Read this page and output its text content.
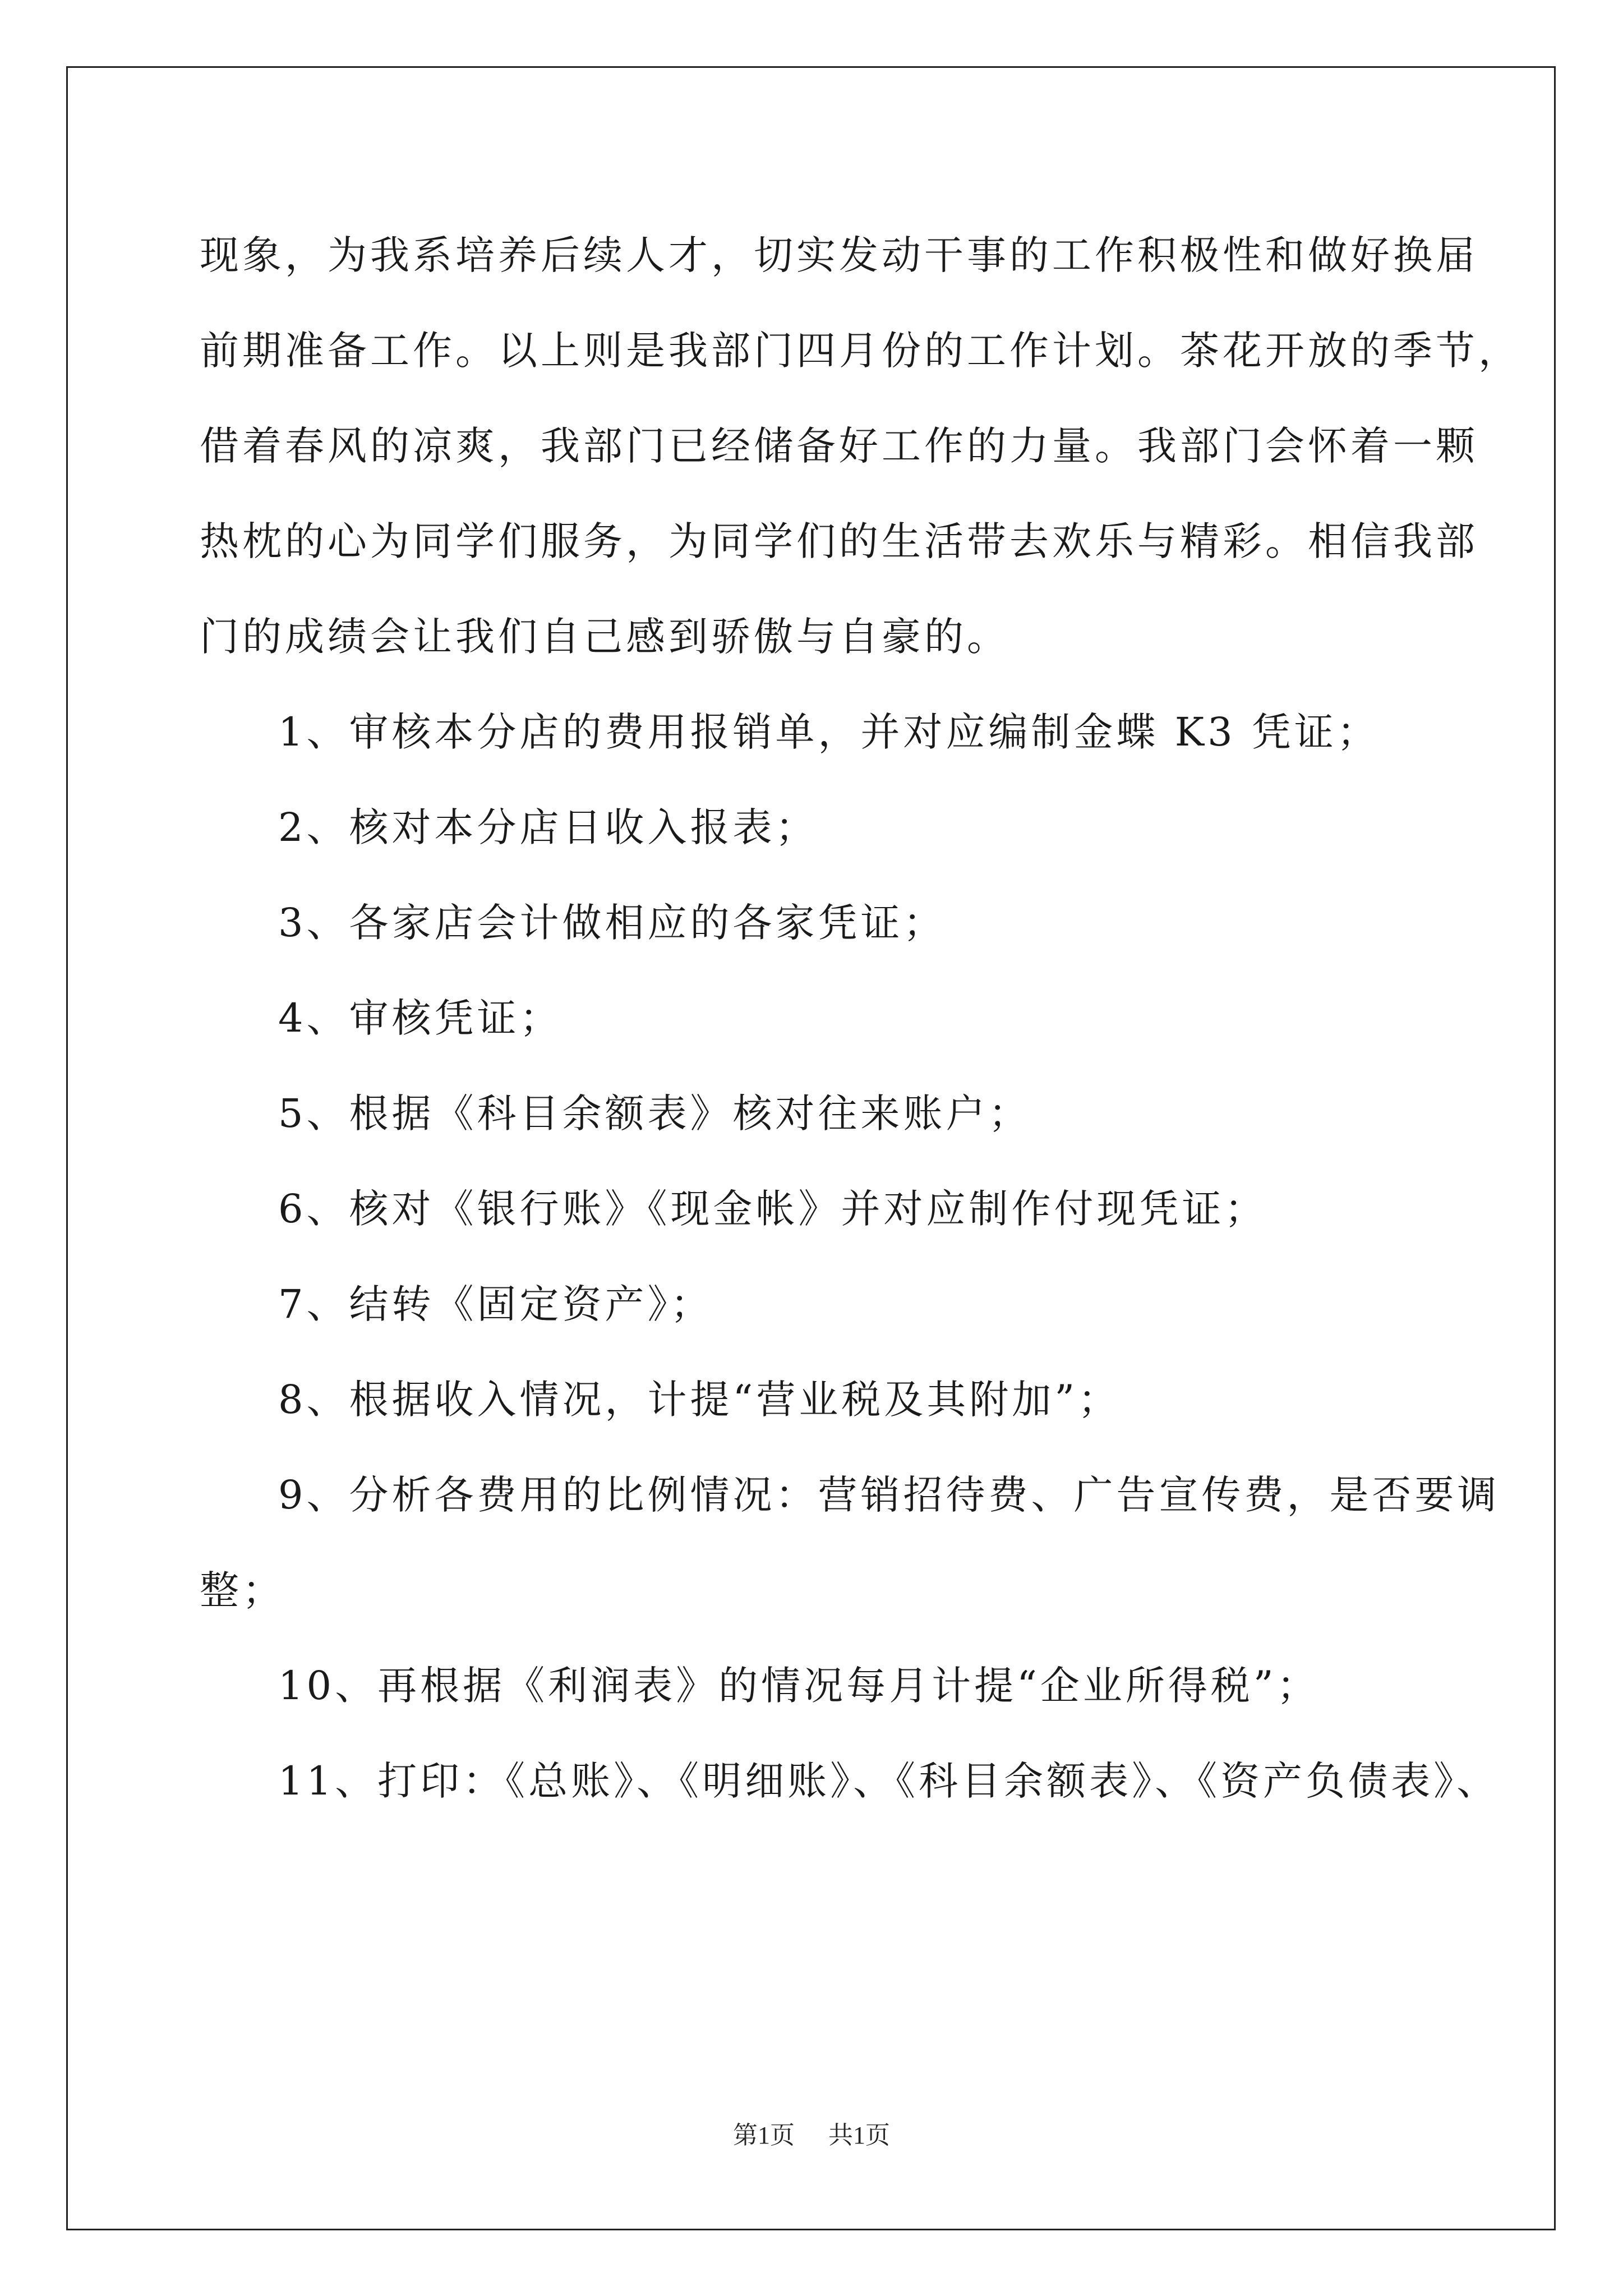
现象，为我系培养后续人才，切实发动干事的工作积极性和做好换届

前期准备工作。以上则是我部门四月份的工作计划。茶花开放的季节，

借着春风的凉爽，我部门已经储备好工作的力量。我部门会怀着一颗

热枕的心为同学们服务，为同学们的生活带去欢乐与精彩。相信我部

门的成绩会让我们自己感到骄傲与自豪的。

1、审核本分店的费用报销单，并对应编制金蝶 K3 凭证；

2、核对本分店日收入报表；

3、各家店会计做相应的各家凭证；

4、审核凭证；

5、根据《科目余额表》核对往来账户；

6、核对《银行账》《现金帐》并对应制作付现凭证；

7、结转《固定资产》；

8、根据收入情况，计提“营业税及其附加”；

9、分析各费用的比例情况：营销招待费、广告宣传费，是否要调

整；

10、再根据《利润表》的情况每月计提“企业所得税”；

11、打印：《总账》、《明细账》、《科目余额表》、《资产负债表》、

第1页 共1页
